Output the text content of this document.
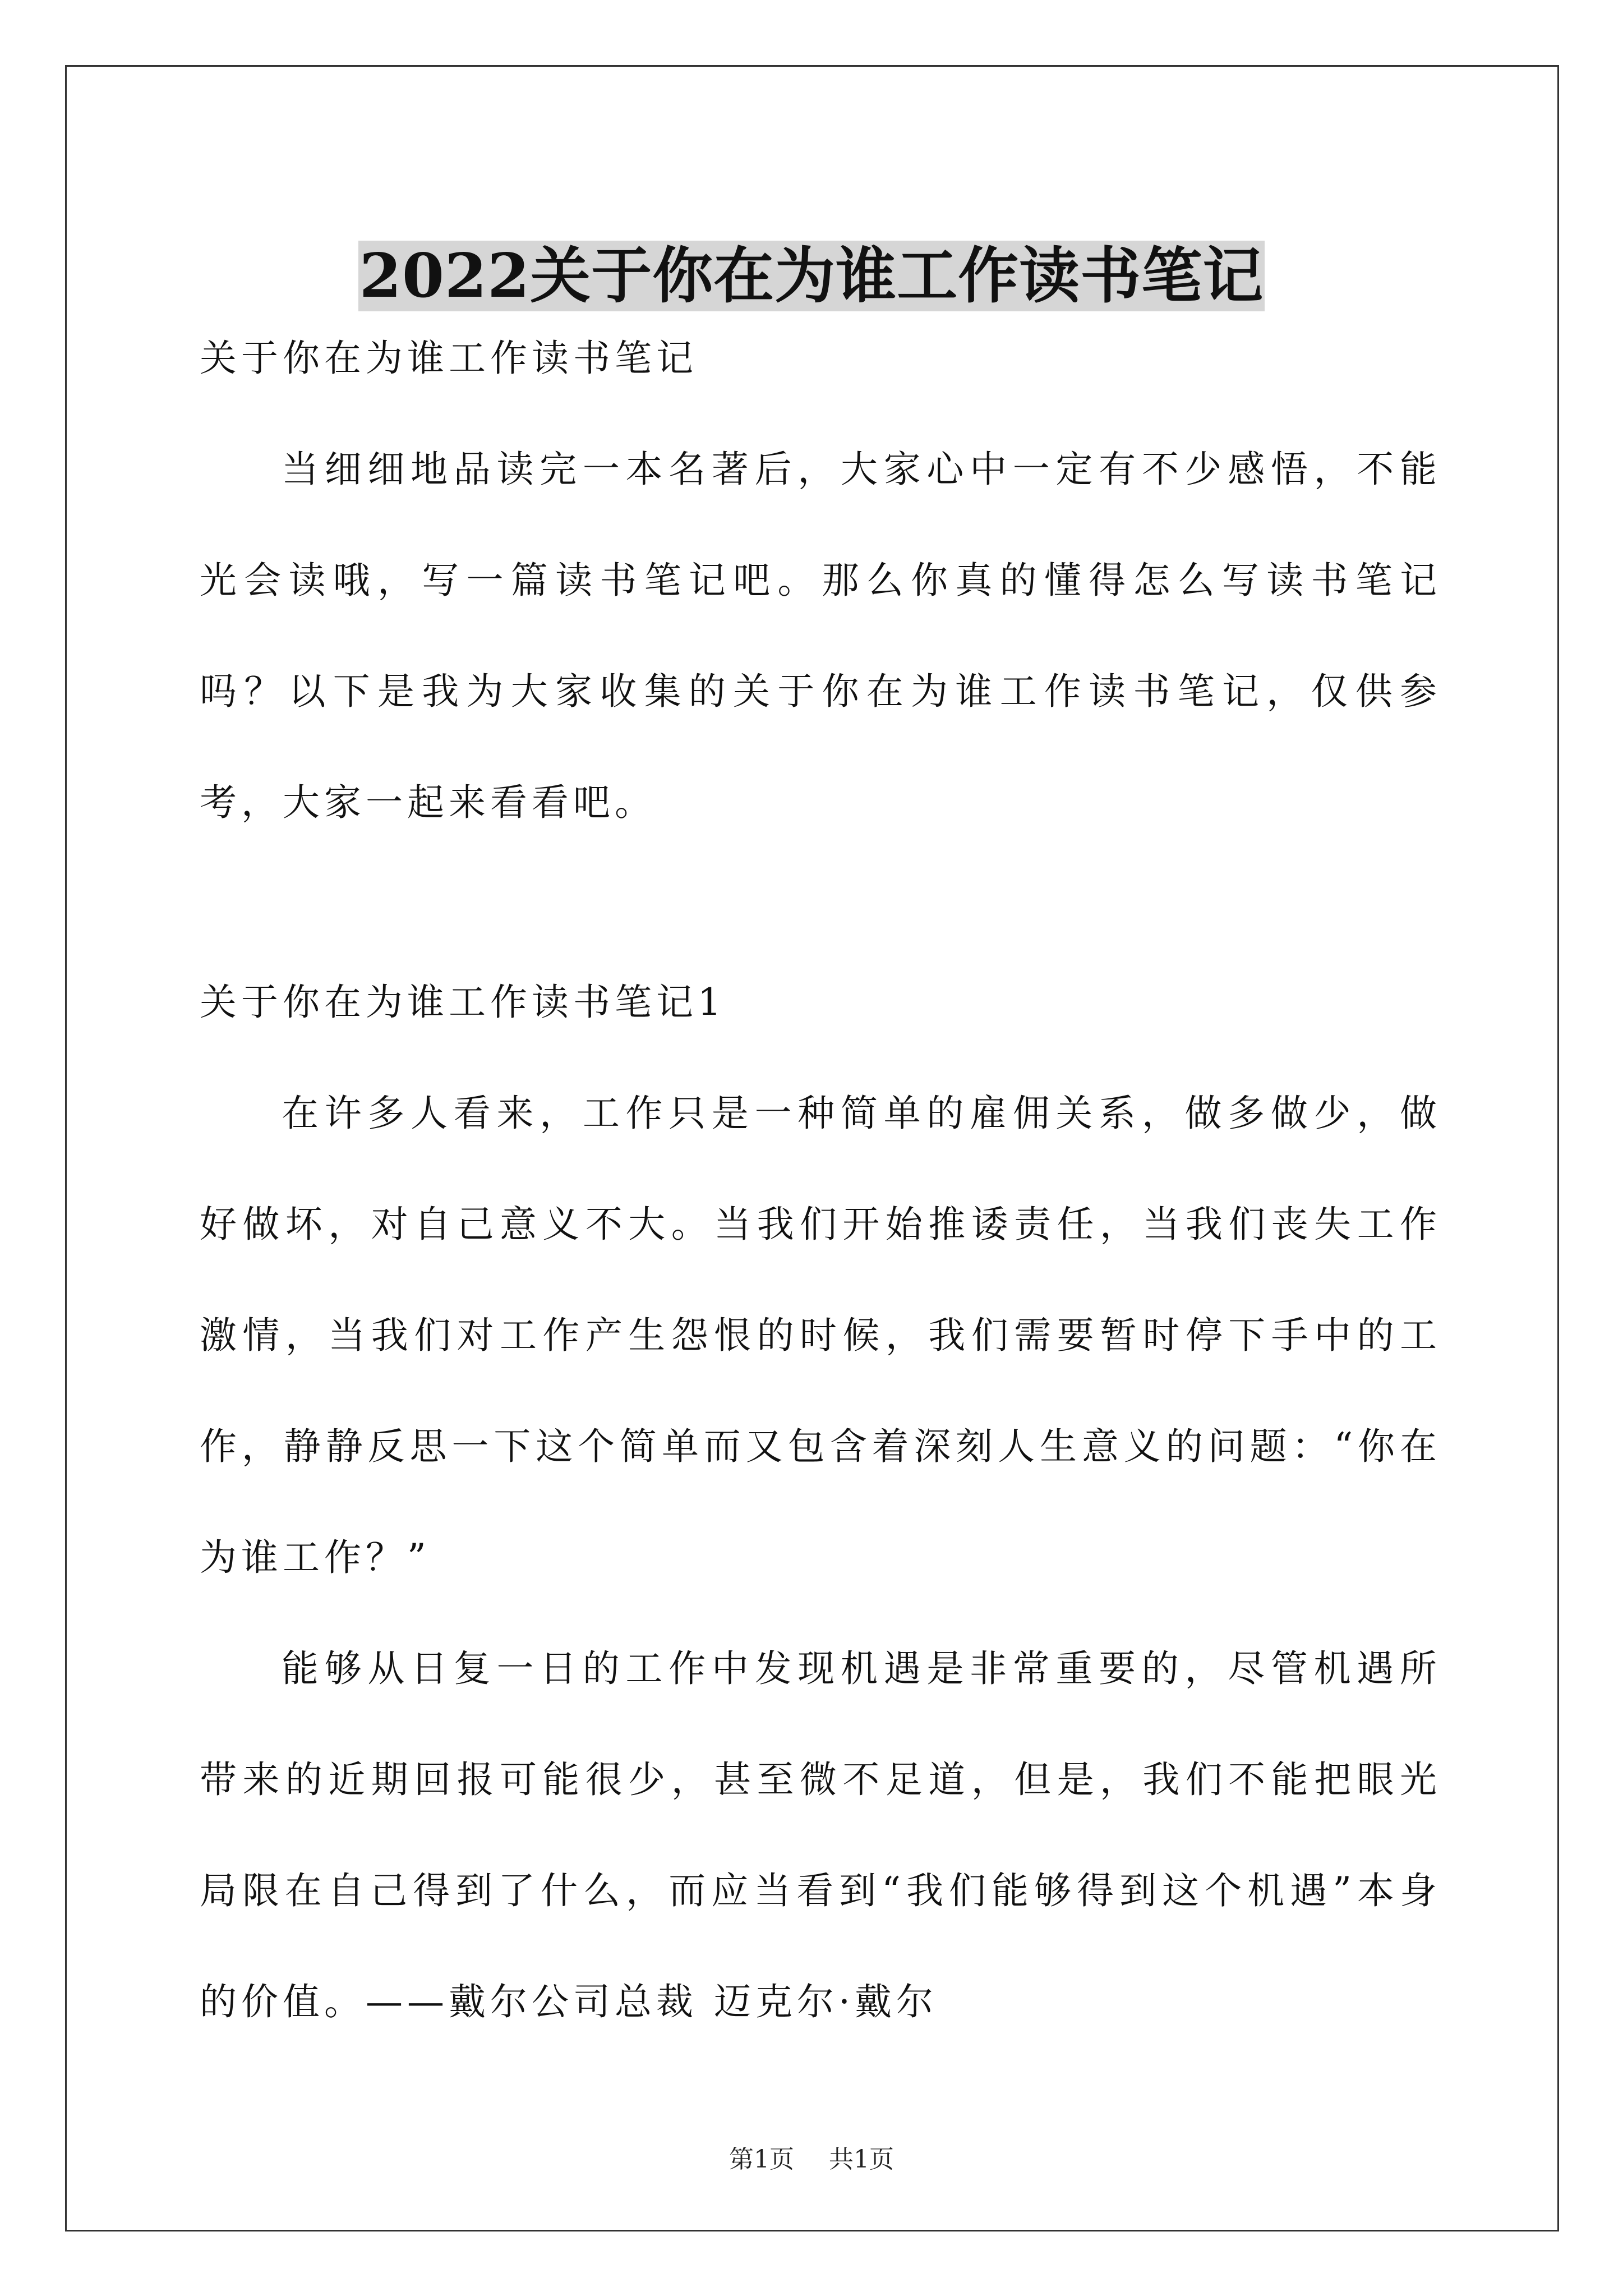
2022关于你在为谁工作读书笔记

关于你在为谁工作读书笔记

当细细地品读完一本名著后，大家心中一定有不少感悟，不能光会读哦，写一篇读书笔记吧。那么你真的懂得怎么写读书笔记吗？以下是我为大家收集的关于你在为谁工作读书笔记，仅供参考，大家一起来看看吧。

关于你在为谁工作读书笔记1

在许多人看来，工作只是一种简单的雇佣关系，做多做少，做好做坏，对自己意义不大。当我们开始推诿责任，当我们丧失工作激情，当我们对工作产生怨恨的时候，我们需要暂时停下手中的工作，静静反思一下这个简单而又包含着深刻人生意义的问题：“你在为谁工作？”

能够从日复一日的工作中发现机遇是非常重要的，尽管机遇所带来的近期回报可能很少，甚至微不足道，但是，我们不能把眼光局限在自己得到了什么，而应当看到“我们能够得到这个机遇”本身的价值。——戴尔公司总裁 迈克尔·戴尔

第1页 共1页
